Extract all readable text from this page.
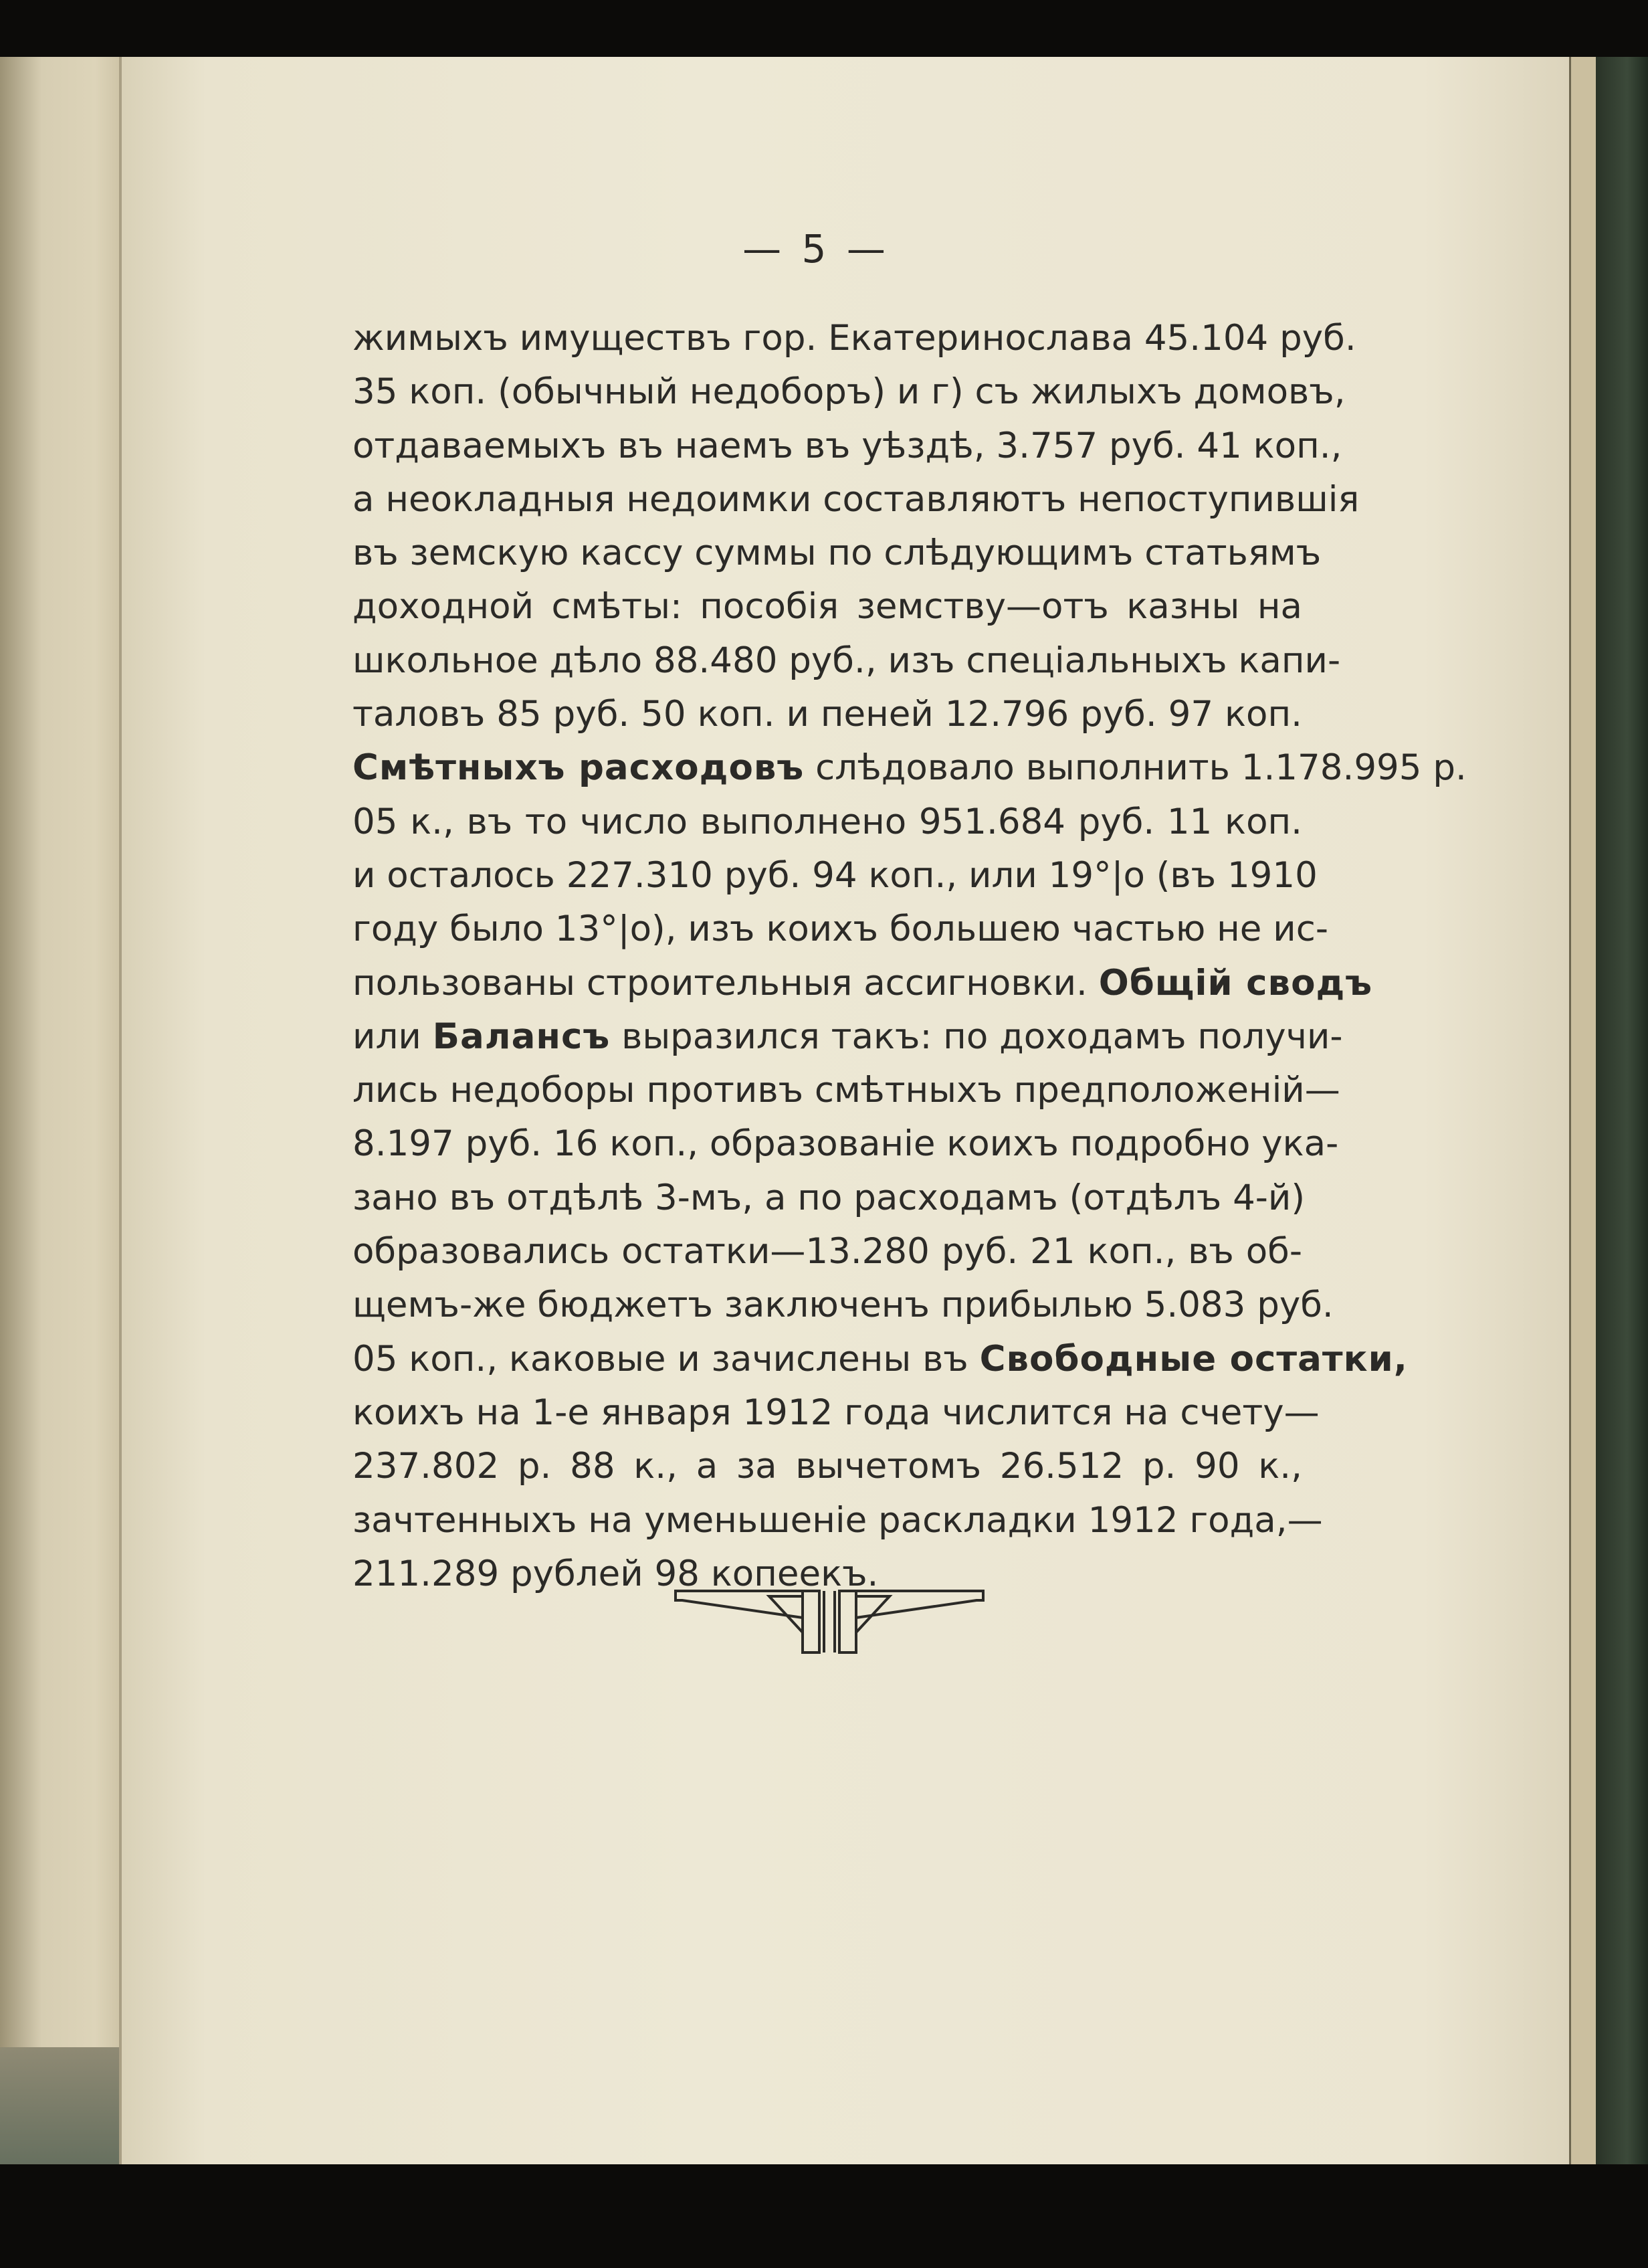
— 5 —
жимыхъ имуществъ гор. Екатеринослава 45.104 руб.
35 коп. (обычный недоборъ) и г) съ жилыхъ домовъ,
отдаваемыхъ въ наемъ въ уѣздѣ, 3.757 руб. 41 коп.,
а неокладныя недоимки составляютъ непоступившія
въ земскую кассу суммы по слѣдующимъ статьямъ
доходной смѣты: пособія земству—отъ казны на
школьное дѣло 88.480 руб., изъ спеціальныхъ капи-
таловъ 85 руб. 50 коп. и пеней 12.796 руб. 97 коп.
Смѣтныхъ расходовъ слѣдовало выполнить 1.178.995 р.
05 к., въ то число выполнено 951.684 руб. 11 коп.
и осталось 227.310 руб. 94 коп., или 19°|о (въ 1910
году было 13°|о), изъ коихъ большею частью не ис-
пользованы строительныя ассигновки. Общій сводъ
или Балансъ выразился такъ: по доходамъ получи-
лись недоборы противъ смѣтныхъ предположеній—
8.197 руб. 16 коп., образованіе коихъ подробно ука-
зано въ отдѣлѣ 3-мъ, а по расходамъ (отдѣлъ 4-й)
образовались остатки—13.280 руб. 21 коп., въ об-
щемъ-же бюджетъ заключенъ прибылью 5.083 руб.
05 коп., каковые и зачислены въ Свободные остатки,
коихъ на 1-е января 1912 года числится на счету—
237.802 р. 88 к., а за вычетомъ 26.512 р. 90 к.,
зачтенныхъ на уменьшеніе раскладки 1912 года,—
211.289 рублей 98 копеекъ.
